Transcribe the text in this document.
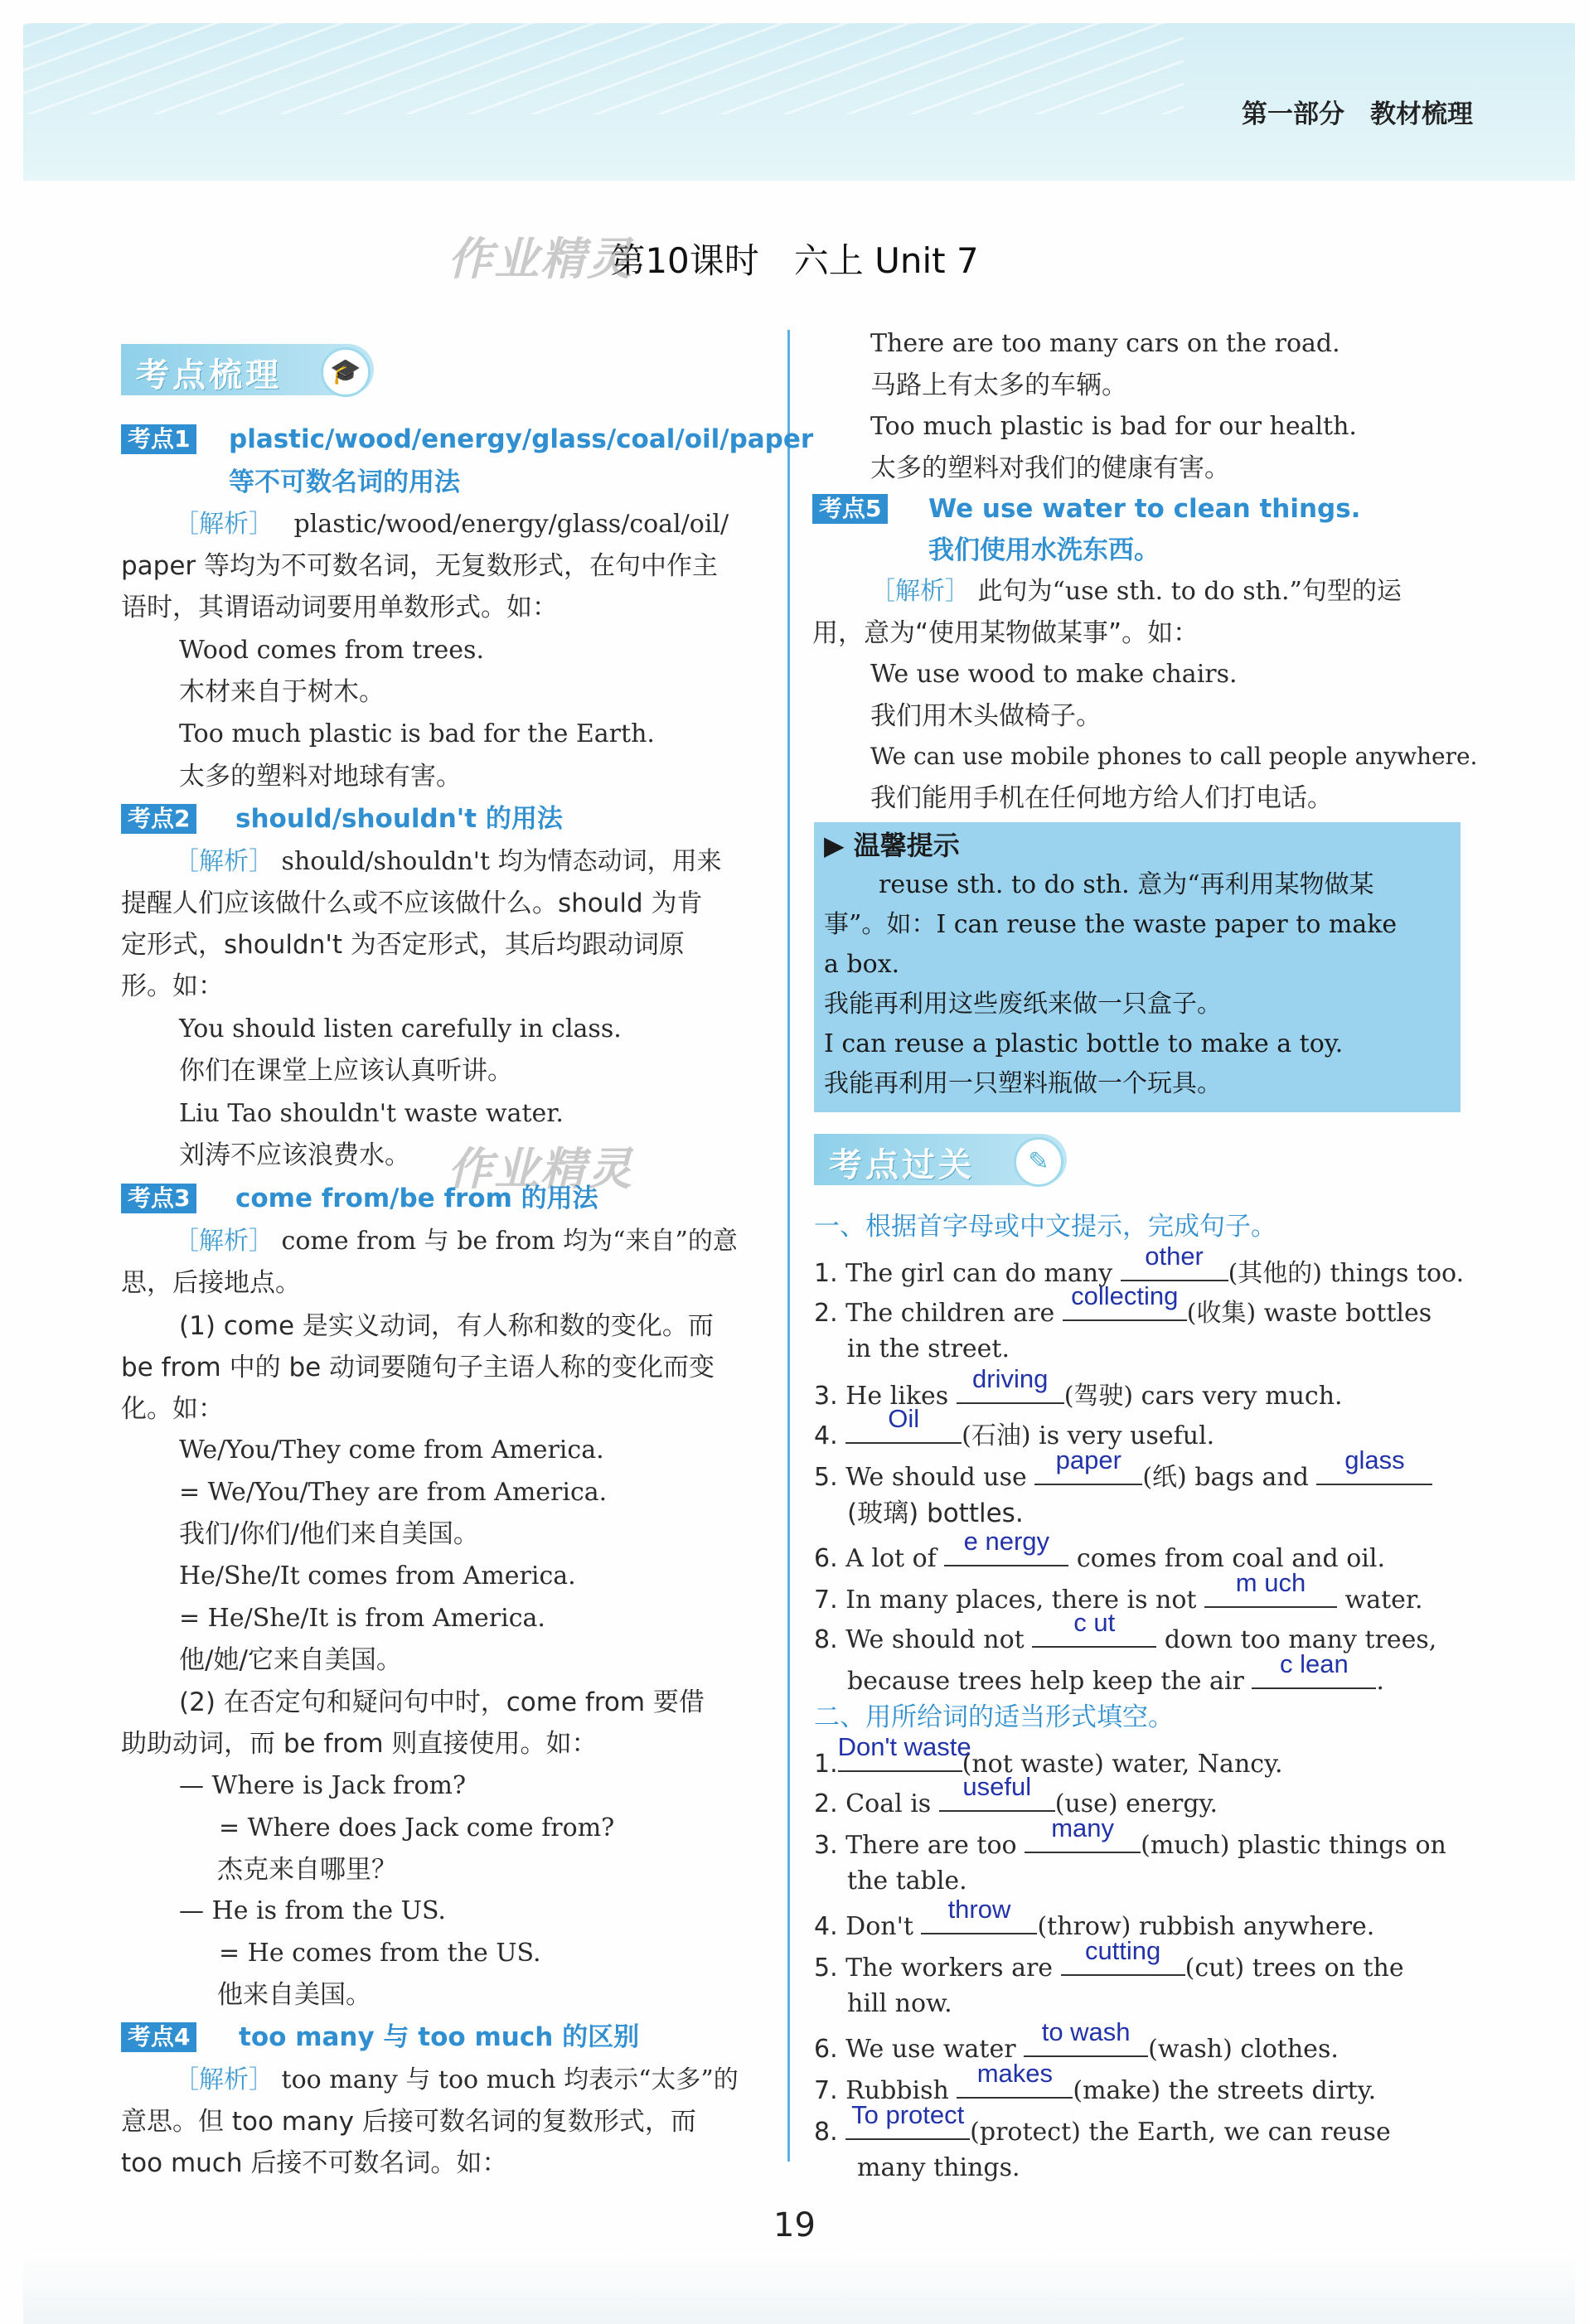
第一部分　教材梳理
第10课时　六上 Unit 7
作业精灵
作业精灵
考点梳理	🎓
考点1 plastic/wood/energy/glass/coal/oil/paper
等不可数名词的用法
［解析］　 plastic/wood/energy/glass/coal/oil/
paper 等均为不可数名词，无复数形式，在句中作主
语时，其谓语动词要用单数形式。如：
Wood comes from trees.
木材来自于树木。
Too much plastic is bad for the Earth.
太多的塑料对地球有害。
考点2 should/shouldn't 的用法
［解析］ should/shouldn't 均为情态动词，用来
提醒人们应该做什么或不应该做什么。should 为肯
定形式，shouldn't 为否定形式，其后均跟动词原
形。如：
You should listen carefully in class.
你们在课堂上应该认真听讲。
Liu Tao shouldn't waste water.
刘涛不应该浪费水。
考点3 come from/be from 的用法
［解析］ come from 与 be from 均为“来自”的意
思，后接地点。
(1) come 是实义动词，有人称和数的变化。而
be from 中的 be 动词要随句子主语人称的变化而变
化。如：
We/You/They come from America.
= We/You/They are from America.
我们/你们/他们来自美国。
He/She/It comes from America.
= He/She/It is from America.
他/她/它来自美国。
(2) 在否定句和疑问句中时，come from 要借
助助动词，而 be from 则直接使用。如：
— Where is Jack from?
= Where does Jack come from?
杰克来自哪里？
— He is from the US.
= He comes from the US.
他来自美国。
考点4 too many 与 too much 的区别
［解析］ too many 与 too much 均表示“太多”的
意思。但 too many 后接可数名词的复数形式，而
too much 后接不可数名词。如：
There are too many cars on the road.
马路上有太多的车辆。
Too much plastic is bad for our health.
太多的塑料对我们的健康有害。
考点5 We use water to clean things.
我们使用水洗东西。
［解析］ 此句为“use sth. to do sth.”句型的运
用，意为“使用某物做某事”。如：
We use wood to make chairs.
我们用木头做椅子。
We can use mobile phones to call people anywhere.
我们能用手机在任何地方给人们打电话。
▶ 温馨提示
reuse sth. to do sth. 意为“再利用某物做某
事”。如：I can reuse the waste paper to make
a box.
我能再利用这些废纸来做一只盒子。
I can reuse a plastic bottle to make a toy.
我能再利用一只塑料瓶做一个玩具。
考点过关	✎
一、根据首字母或中文提示，完成句子。
1. The girl can do many
other
(其他的) things too.
2. The children are
collecting
(收集) waste bottles
in the street.
3. He likes
driving
(驾驶) cars very much.
4.
Oil
(石油) is very useful.
5. We should use
paper
(纸) bags and
glass
(玻璃) bottles.
6. A lot of
e nergy
comes from coal and oil.
7. In many places, there is not
m uch
water.
8. We should not
c ut
down too many trees,
because trees help keep the air
c lean
.
二、用所给词的适当形式填空。
1.
Don't waste
(not waste) water, Nancy.
2. Coal is
useful
(use) energy.
3. There are too
many
(much) plastic things on
the table.
4. Don't
throw
(throw) rubbish anywhere.
5. The workers are
cutting
(cut) trees on the
hill now.
6. We use water
to wash
(wash) clothes.
7. Rubbish
makes
(make) the streets dirty.
8.
To protect
(protect) the Earth, we can reuse
many things.
19
